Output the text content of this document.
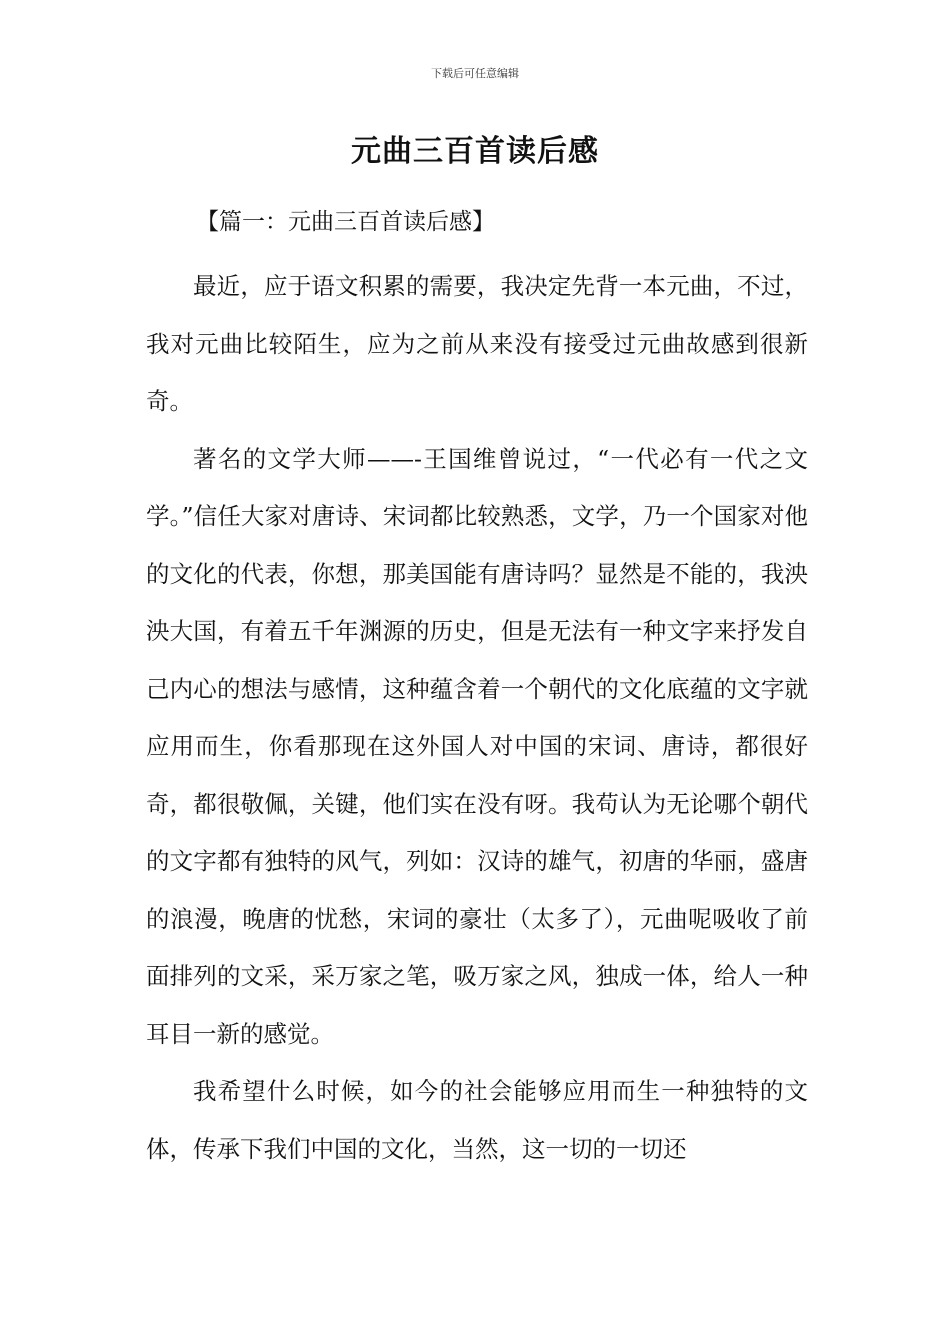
下载后可任意编辑
元曲三百首读后感
【篇一：元曲三百首读后感】

最近，应于语文积累的需要，我决定先背一本元曲，不过，我对元曲比较陌生，应为之前从来没有接受过元曲故感到很新奇。

著名的文学大师——-王国维曾说过，“一代必有一代之文学。”信任大家对唐诗、宋词都比较熟悉，文学，乃一个国家对他的文化的代表，你想，那美国能有唐诗吗？显然是不能的，我泱泱大国，有着五千年渊源的历史，但是无法有一种文字来抒发自己内心的想法与感情，这种蕴含着一个朝代的文化底蕴的文字就应用而生，你看那现在这外国人对中国的宋词、唐诗，都很好奇，都很敬佩，关键，他们实在没有呀。我苟认为无论哪个朝代的文字都有独特的风气，列如：汉诗的雄气，初唐的华丽，盛唐的浪漫，晚唐的忧愁，宋词的豪壮（太多了），元曲呢吸收了前面排列的文采，采万家之笔，吸万家之风，独成一体，给人一种耳目一新的感觉。

我希望什么时候，如今的社会能够应用而生一种独特的文体，传承下我们中国的文化，当然，这一切的一切还
